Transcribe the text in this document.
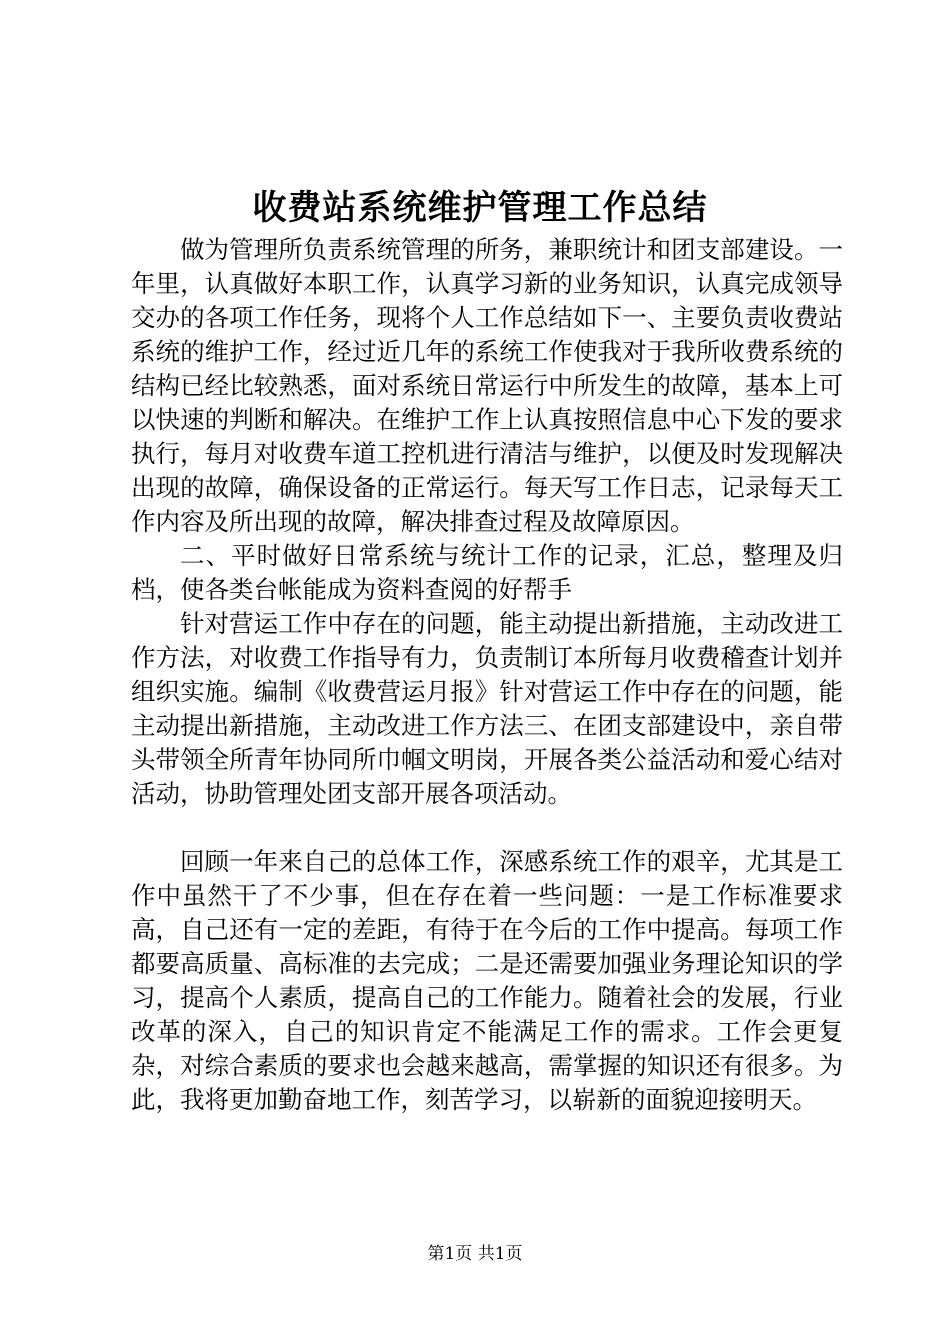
收费站系统维护管理工作总结

做为管理所负责系统管理的所务，兼职统计和团支部建设。一年里，认真做好本职工作，认真学习新的业务知识，认真完成领导交办的各项工作任务，现将个人工作总结如下一、主要负责收费站系统的维护工作，经过近几年的系统工作使我对于我所收费系统的结构已经比较熟悉，面对系统日常运行中所发生的故障，基本上可以快速的判断和解决。在维护工作上认真按照信息中心下发的要求执行，每月对收费车道工控机进行清洁与维护，以便及时发现解决出现的故障，确保设备的正常运行。每天写工作日志，记录每天工作内容及所出现的故障，解决排查过程及故障原因。

二、平时做好日常系统与统计工作的记录，汇总，整理及归档，使各类台帐能成为资料查阅的好帮手

针对营运工作中存在的问题，能主动提出新措施，主动改进工作方法，对收费工作指导有力，负责制订本所每月收费稽查计划并组织实施。编制《收费营运月报》针对营运工作中存在的问题，能主动提出新措施，主动改进工作方法三、在团支部建设中，亲自带头带领全所青年协同所巾帼文明岗，开展各类公益活动和爱心结对活动，协助管理处团支部开展各项活动。

回顾一年来自己的总体工作，深感系统工作的艰辛，尤其是工作中虽然干了不少事，但在存在着一些问题：一是工作标准要求高，自己还有一定的差距，有待于在今后的工作中提高。每项工作都要高质量、高标准的去完成；二是还需要加强业务理论知识的学习，提高个人素质，提高自己的工作能力。随着社会的发展，行业改革的深入，自己的知识肯定不能满足工作的需求。工作会更复杂，对综合素质的要求也会越来越高，需掌握的知识还有很多。为此，我将更加勤奋地工作，刻苦学习，以崭新的面貌迎接明天。

第1页 共1页
